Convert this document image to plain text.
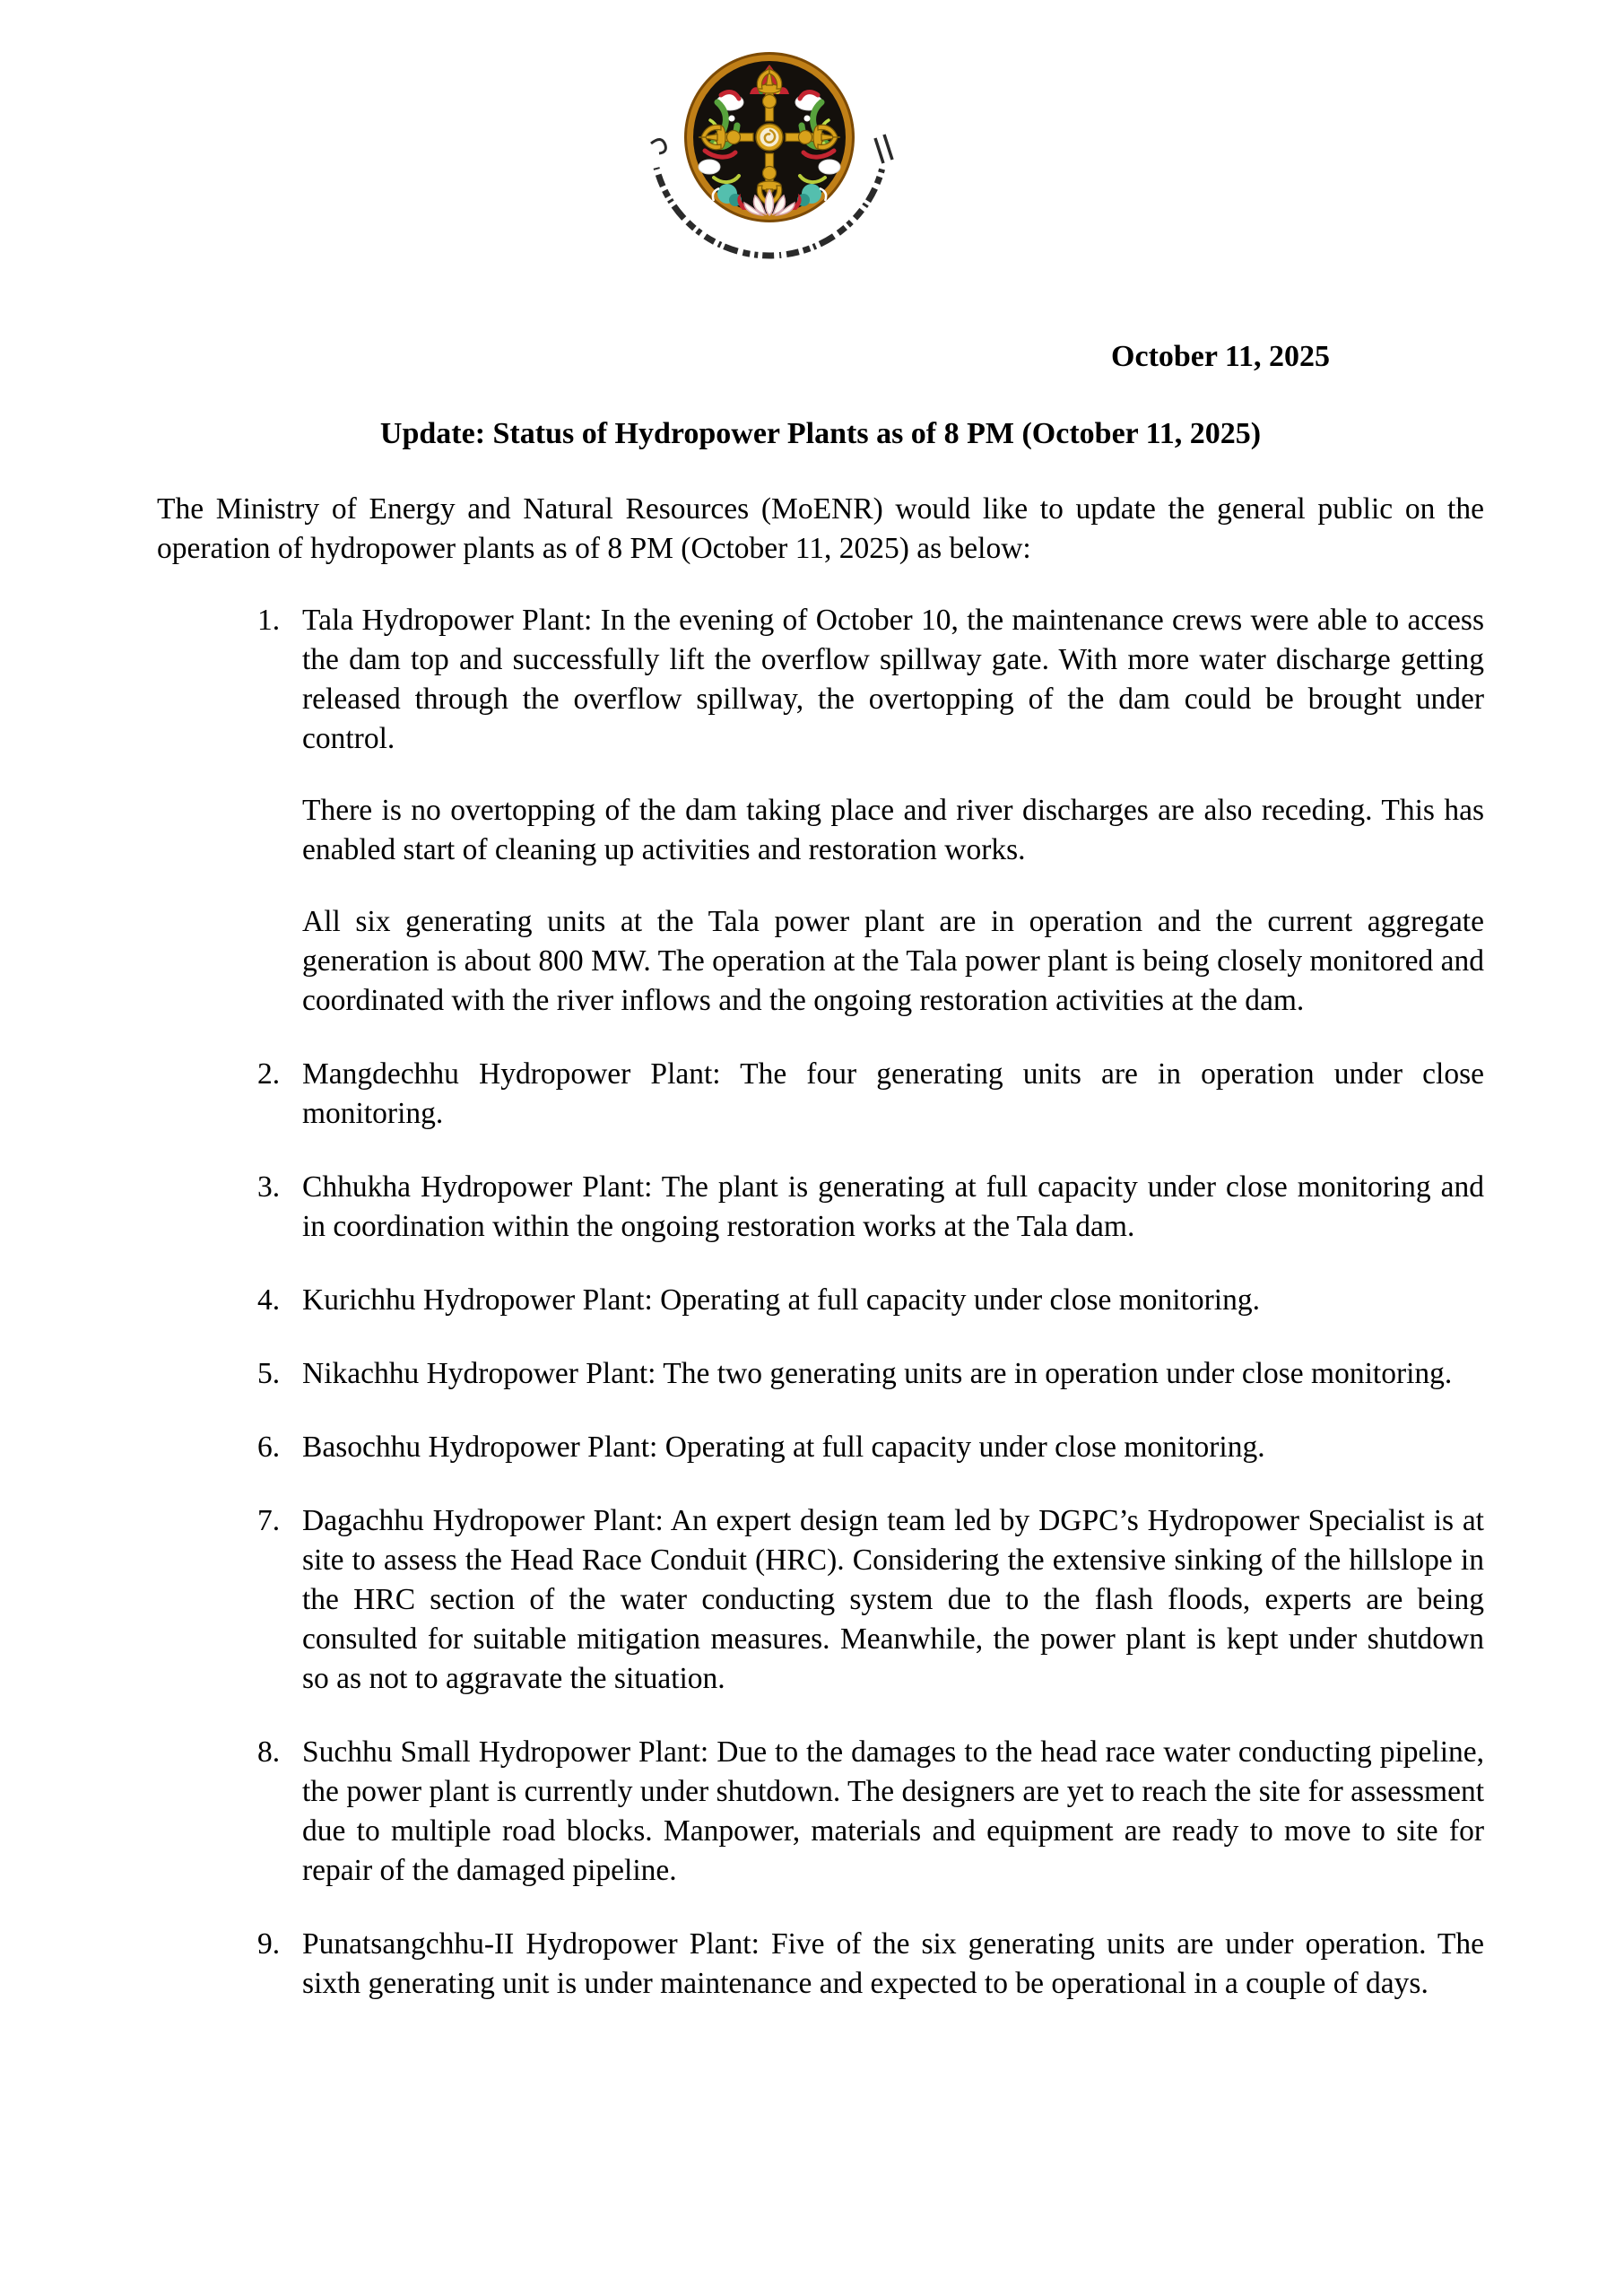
October 11, 2025
Update: Status of Hydropower Plants as of 8 PM (October 11, 2025)

The Ministry of Energy and Natural Resources (MoENR) would like to update the general public on the operation of hydropower plants as of 8 PM (October 11, 2025) as below:

1. Tala Hydropower Plant: In the evening of October 10, the maintenance crews were able to access the dam top and successfully lift the overflow spillway gate. With more water discharge getting released through the overflow spillway, the overtopping of the dam could be brought under control.

There is no overtopping of the dam taking place and river discharges are also receding. This has enabled start of cleaning up activities and restoration works.

All six generating units at the Tala power plant are in operation and the current aggregate generation is about 800 MW. The operation at the Tala power plant is being closely monitored and coordinated with the river inflows and the ongoing restoration activities at the dam.

2. Mangdechhu Hydropower Plant: The four generating units are in operation under close monitoring.

3. Chhukha Hydropower Plant: The plant is generating at full capacity under close monitoring and in coordination within the ongoing restoration works at the Tala dam.

4. Kurichhu Hydropower Plant: Operating at full capacity under close monitoring.

5. Nikachhu Hydropower Plant: The two generating units are in operation under close monitoring.

6. Basochhu Hydropower Plant: Operating at full capacity under close monitoring.

7. Dagachhu Hydropower Plant: An expert design team led by DGPC’s Hydropower Specialist is at site to assess the Head Race Conduit (HRC). Considering the extensive sinking of the hillslope in the HRC section of the water conducting system due to the flash floods, experts are being consulted for suitable mitigation measures. Meanwhile, the power plant is kept under shutdown so as not to aggravate the situation.

8. Suchhu Small Hydropower Plant: Due to the damages to the head race water conducting pipeline, the power plant is currently under shutdown. The designers are yet to reach the site for assessment due to multiple road blocks. Manpower, materials and equipment are ready to move to site for repair of the damaged pipeline.

9. Punatsangchhu-II Hydropower Plant: Five of the six generating units are under operation. The sixth generating unit is under maintenance and expected to be operational in a couple of days.
